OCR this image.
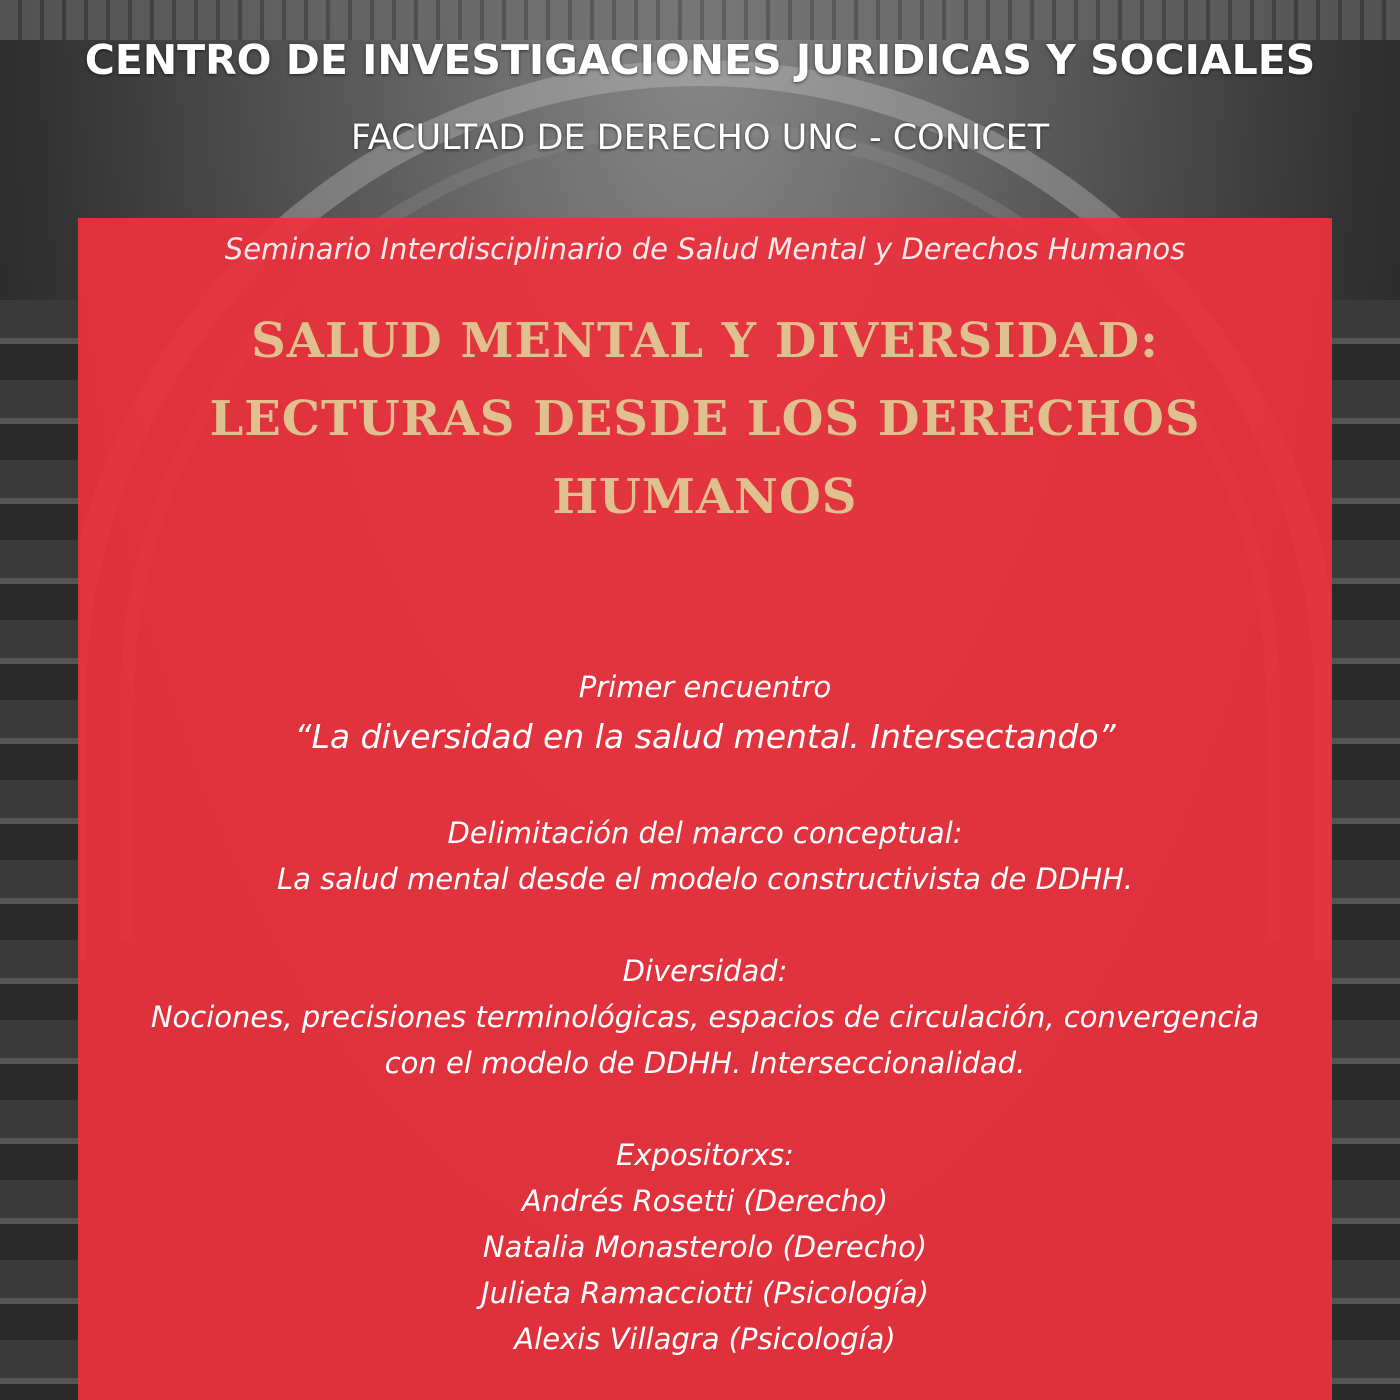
CENTRO DE INVESTIGACIONES JURIDICAS Y SOCIALES
FACULTAD DE DERECHO UNC - CONICET
Seminario Interdisciplinario de Salud Mental y Derechos Humanos
SALUD MENTAL Y DIVERSIDAD:
LECTURAS DESDE LOS DERECHOS
HUMANOS
Primer encuentro
“La diversidad en la salud mental. Intersectando”
Delimitación del marco conceptual:
La salud mental desde el modelo constructivista de DDHH.
Diversidad:
Nociones, precisiones terminológicas, espacios de circulación, convergencia
con el modelo de DDHH. Interseccionalidad.
Expositorxs:
Andrés Rosetti (Derecho)
Natalia Monasterolo (Derecho)
Julieta Ramacciotti (Psicología)
Alexis Villagra (Psicología)
